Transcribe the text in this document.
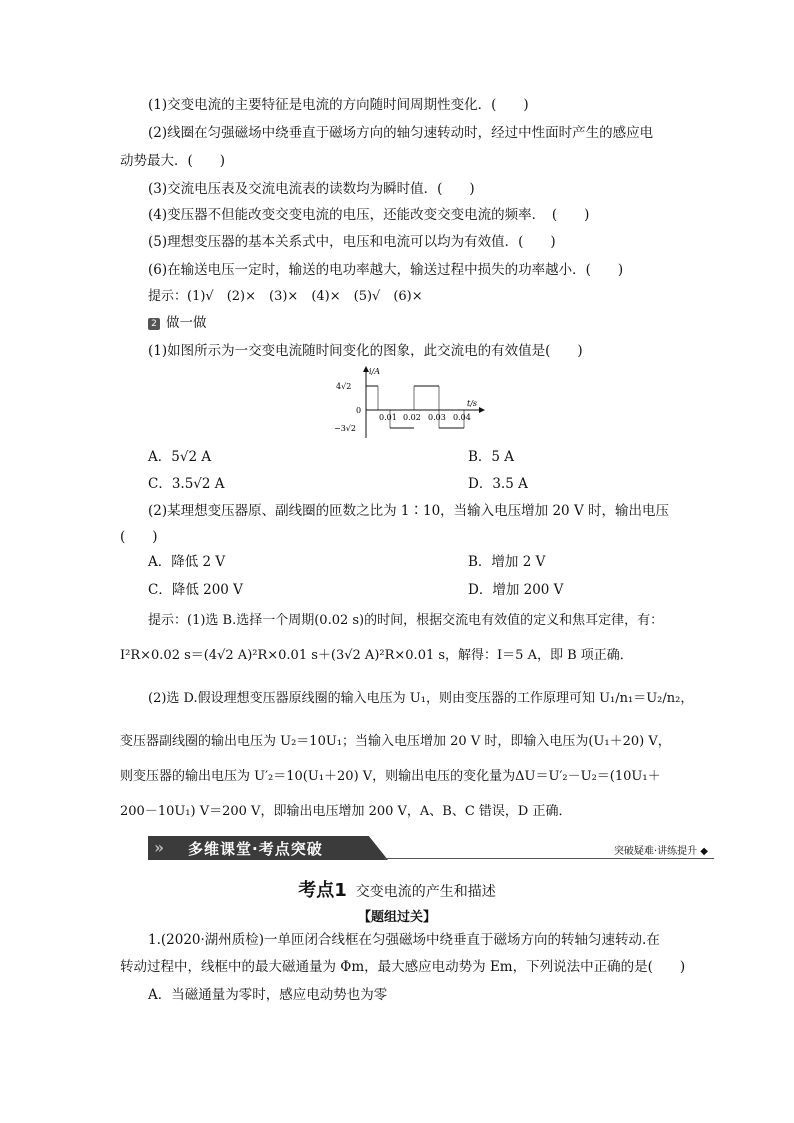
(1)交变电流的主要特征是电流的方向随时间周期性变化．(　　)
(2)线圈在匀强磁场中绕垂直于磁场方向的轴匀速转动时，经过中性面时产生的感应电
动势最大．(　　)
(3)交流电压表及交流电流表的读数均为瞬时值．(　　)
(4)变压器不但能改变交变电流的电压，还能改变交变电流的频率．　(　　)
(5)理想变压器的基本关系式中，电压和电流可以均为有效值．(　　)
(6)在输送电压一定时，输送的电功率越大，输送过程中损失的功率越小．(　　)
提示：(1)√　(2)×　(3)×　(4)×　(5)√　(6)×
2 做一做
(1)如图所示为一交变电流随时间变化的图象，此交流电的有效值是(　　)
i/A
t/s
4√2
0
−3√2
0.01 0.02 0.03 0.04
A．5√2 A	B．5 A
C．3.5√2 A	D．3.5 A
(2)某理想变压器原、副线圈的匝数之比为 1∶10，当输入电压增加 20 V 时，输出电压
(　　)
A．降低 2 V	B．增加 2 V
C．降低 200 V	D．增加 200 V
提示：(1)选 B.选择一个周期(0.02 s)的时间，根据交流电有效值的定义和焦耳定律，有：
I²R×0.02 s＝(4√2 A)²R×0.01 s＋(3√2 A)²R×0.01 s，解得：I＝5 A，即 B 项正确．
(2)选 D.假设理想变压器原线圈的输入电压为 U₁，则由变压器的工作原理可知 U₁/n₁＝U₂/n₂，
变压器副线圈的输出电压为 U₂＝10U₁；当输入电压增加 20 V 时，即输入电压为(U₁＋20) V，
则变压器的输出电压为 U′₂＝10(U₁＋20) V，则输出电压的变化量为ΔU＝U′₂－U₂＝(10U₁＋
200－10U₁) V＝200 V，即输出电压增加 200 V，A、B、C 错误，D 正确．
» 多维课堂·考点突破	突破疑难·讲练提升 ◆
考点1 交变电流的产生和描述
【题组过关】
1.(2020·湖州质检)一单匝闭合线框在匀强磁场中绕垂直于磁场方向的转轴匀速转动.在
转动过程中，线框中的最大磁通量为 Φm，最大感应电动势为 Em，下列说法中正确的是(　　)
A．当磁通量为零时，感应电动势也为零
